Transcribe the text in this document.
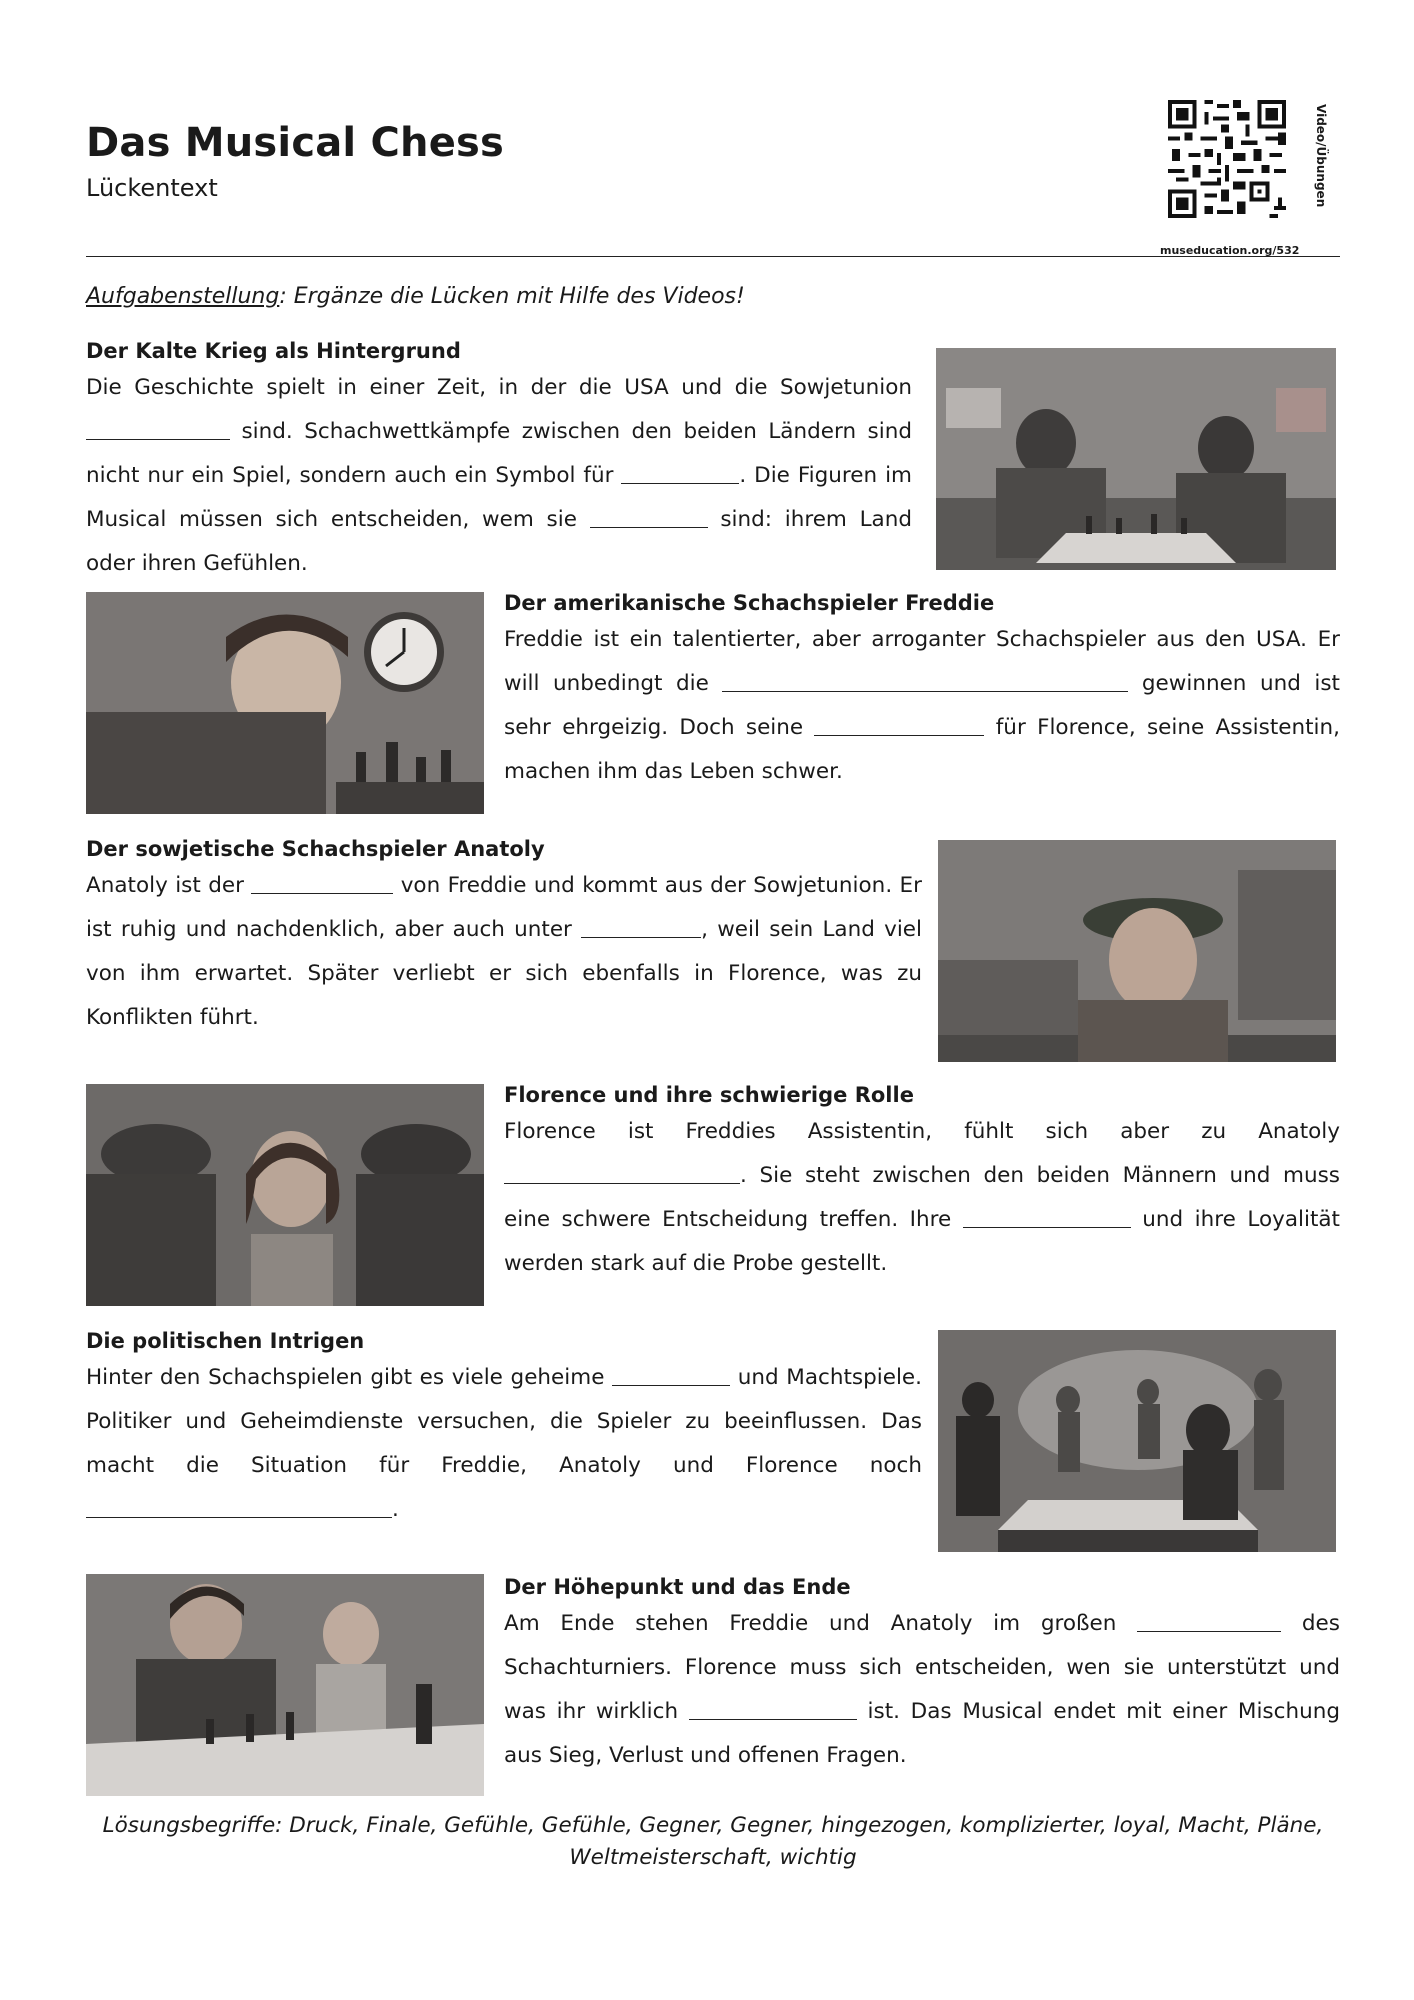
Das Musical Chess
Lückentext	Video/Übungen
museducation.org/532
Aufgabenstellung: Ergänze die Lücken mit Hilfe des Videos!
Der Kalte Krieg als Hintergrund

Die Geschichte spielt in einer Zeit, in der die USA und die Sowjetunion  sind. Schachwettkämpfe zwischen den beiden Ländern sind nicht nur ein Spiel, sondern auch ein Symbol für	. Die Figuren im Musical müssen sich entscheiden, wem sie	sind: ihrem Land oder ihren Gefühlen.

Der amerikanische Schachspieler Freddie

Freddie ist ein talentierter, aber arroganter Schachspieler aus den USA. Er will unbedingt die	gewinnen und ist sehr ehrgeizig. Doch seine	für Florence, seine Assistentin, machen ihm das Leben schwer.

Der sowjetische Schachspieler Anatoly

Anatoly ist der	von Freddie und kommt aus der Sowjetunion. Er ist ruhig und nachdenklich, aber auch unter	, weil sein Land viel von ihm erwartet. Später verliebt er sich ebenfalls in Florence, was zu Konflikten führt.

Florence und ihre schwierige Rolle

Florence ist Freddies Assistentin, fühlt sich aber zu Anatoly . Sie steht zwischen den beiden Männern und muss eine schwere Entscheidung treffen. Ihre	und ihre Loyalität werden stark auf die Probe gestellt.

Die politischen Intrigen

Hinter den Schachspielen gibt es viele geheime	und Machtspiele. Politiker und Geheimdienste versuchen, die Spieler zu beeinflussen. Das macht die Situation für Freddie, Anatoly und Florence noch .

Der Höhepunkt und das Ende

Am Ende stehen Freddie und Anatoly im großen	des Schachturniers. Florence muss sich entscheiden, wen sie unterstützt und was ihr wirklich	ist. Das Musical endet mit einer Mischung aus Sieg, Verlust und offenen Fragen.

Lösungsbegriffe: Druck, Finale, Gefühle, Gefühle, Gegner, Gegner, hingezogen, komplizierter, loyal, Macht, Pläne, Weltmeisterschaft, wichtig
